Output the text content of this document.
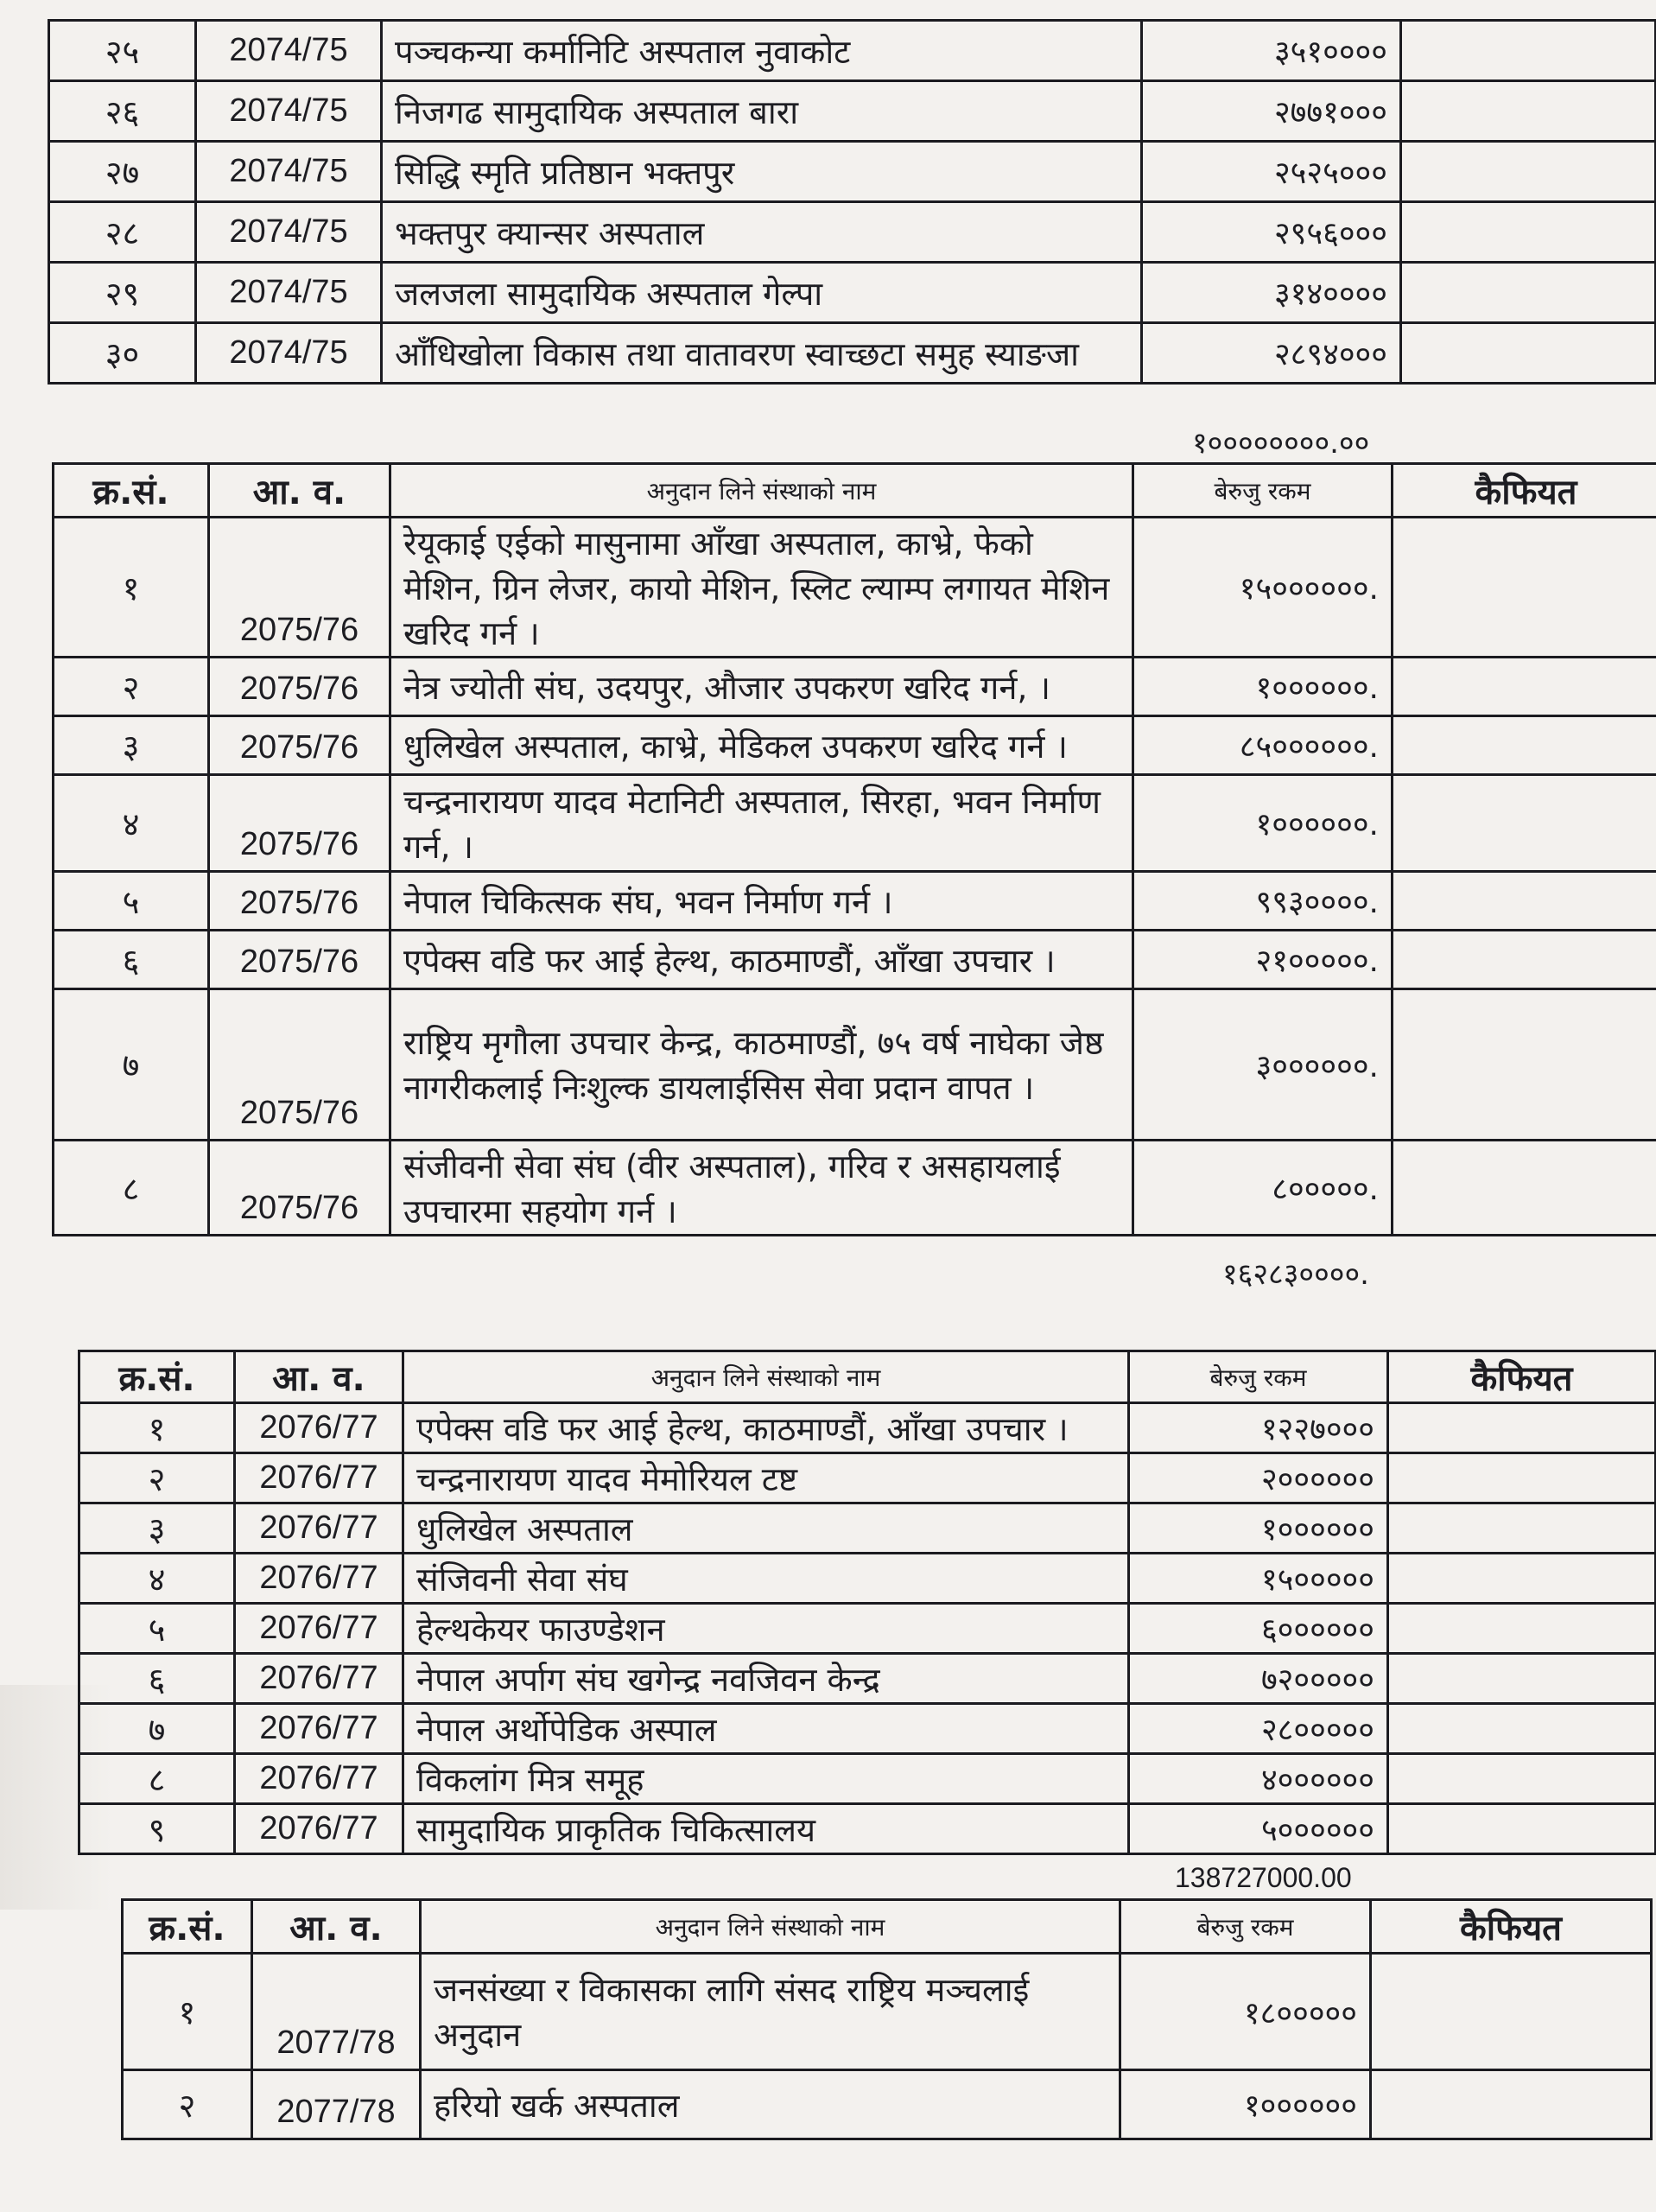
२५	2074/75	पञ्चकन्या कर्मानिटि अस्पताल नुवाकोट	३५१००००	
२६	2074/75	निजगढ सामुदायिक अस्पताल बारा	२७७१०००	
२७	2074/75	सिद्धि स्मृति प्रतिष्ठान भक्तपुर	२५२५०००	
२८	2074/75	भक्तपुर क्यान्सर अस्पताल	२९५६०००	
२९	2074/75	जलजला सामुदायिक अस्पताल गेल्पा	३१४००००	
३०	2074/75	आँधिखोला विकास तथा वातावरण स्वाच्छटा समुह स्याङजा	२८९४०००	
१००००००००.००
क्र.सं.	आ. व.	अनुदान लिने संस्थाको नाम	बेरुजु रकम	कैफियत
१	2075/76	रेयूकाई एईको मासुनामा आँखा अस्पताल, काभ्रे, फेको मेशिन, ग्रिन लेजर, कायो मेशिन, स्लिट ल्याम्प लगायत मेशिन खरिद गर्न ।	१५००००००.	
२	2075/76	नेत्र ज्योती संघ, उदयपुर, औजार उपकरण खरिद गर्न, ।	१००००००.	
३	2075/76	धुलिखेल अस्पताल, काभ्रे, मेडिकल उपकरण खरिद गर्न ।	८५००००००.	
४	2075/76	चन्द्रनारायण यादव मेटानिटी अस्पताल, सिरहा, भवन निर्माण गर्न, ।	१००००००.	
५	2075/76	नेपाल चिकित्सक संघ, भवन निर्माण गर्न ।	९९३००००.	
६	2075/76	एपेक्स वडि फर आई हेल्थ, काठमाण्डौं, आँखा उपचार ।	२१०००००.	
७	2075/76	राष्ट्रिय मृगौला उपचार केन्द्र, काठमाण्डौं, ७५ वर्ष नाघेका जेष्ठ नागरीकलाई निःशुल्क डायलाईसिस सेवा प्रदान वापत ।	३००००००.	
८	2075/76	संजीवनी सेवा संघ (वीर अस्पताल), गरिव र असहायलाई उपचारमा सहयोग गर्न ।	८०००००.	
१६२८३००००.
क्र.सं.	आ. व.	अनुदान लिने संस्थाको नाम	बेरुजु रकम	कैफियत
१	2076/77	एपेक्स वडि फर आई हेल्थ, काठमाण्डौं, आँखा उपचार ।	१२२७०००	
२	2076/77	चन्द्रनारायण यादव मेमोरियल टष्ट	२००००००	
३	2076/77	धुलिखेल अस्पताल	१००००००	
४	2076/77	संजिवनी सेवा संघ	१५०००००	
५	2076/77	हेल्थकेयर फाउण्डेशन	६००००००	
६	2076/77	नेपाल अर्पाग संघ खगेन्द्र नवजिवन केन्द्र	७२०००००	
७	2076/77	नेपाल अर्थोपेडिक अस्पाल	२८०००००	
८	2076/77	विकलांग मित्र समूह	४००००००	
९	2076/77	सामुदायिक प्राकृतिक चिकित्सालय	५००००००	
138727000.00
क्र.सं.	आ. व.	अनुदान लिने संस्थाको नाम	बेरुजु रकम	कैफियत
१	2077/78	जनसंख्या र विकासका लागि संसद राष्ट्रिय मञ्चलाई अनुदान	१८०००००	
२	2077/78	हरियो खर्क अस्पताल	१००००००	
